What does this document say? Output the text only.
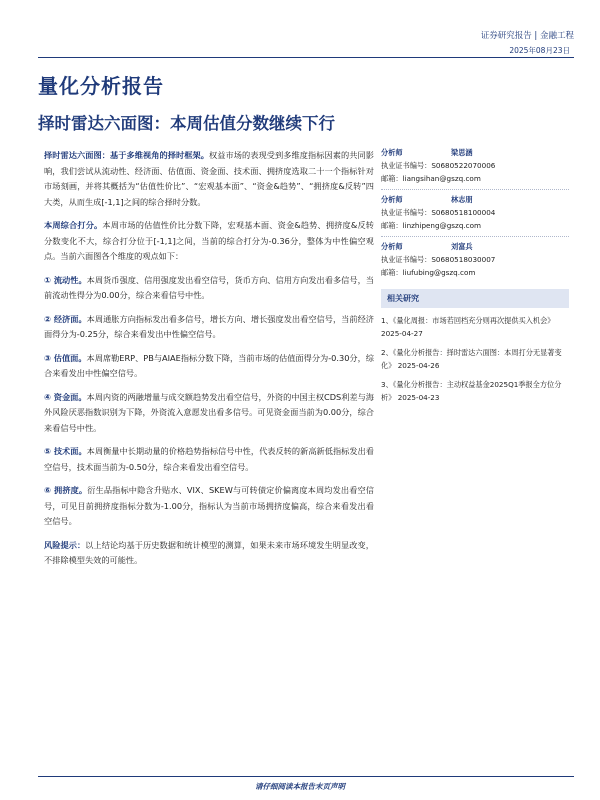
证券研究报告 | 金融工程
2025年08月23日
量化分析报告
择时雷达六面图：本周估值分数继续下行

择时雷达六面图：基于多维视角的择时框架。权益市场的表现受到多维度指标因素的共同影响，我们尝试从流动性、经济面、估值面、资金面、技术面、拥挤度选取二十一个指标针对市场刻画，并将其概括为“估值性价比”、“宏观基本面”、“资金&趋势”、“拥挤度&反转”四大类，从而生成[-1,1]之间的综合择时分数。

本周综合打分。本周市场的估值性价比分数下降，宏观基本面、资金&趋势、拥挤度&反转分数变化不大，综合打分位于[-1,1]之间，当前的综合打分为-0.36分，整体为中性偏空观点。当前六面图各个维度的观点如下：

① 流动性。本周货币强度、信用强度发出看空信号，货币方向、信用方向发出看多信号，当前流动性得分为0.00分，综合来看信号中性。

② 经济面。本周通胀方向指标发出看多信号，增长方向、增长强度发出看空信号，当前经济面得分为-0.25分，综合来看发出中性偏空信号。

③ 估值面。本周席勒ERP、PB与AIAE指标分数下降，当前市场的估值面得分为-0.30分，综合来看发出中性偏空信号。

④ 资金面。本周内资的两融增量与成交额趋势发出看空信号，外资的中国主权CDS利差与海外风险厌恶指数识别为下降，外资流入意愿发出看多信号。可见资金面当前为0.00分，综合来看信号中性。

⑤ 技术面。本周衡量中长期动量的价格趋势指标信号中性，代表反转的新高新低指标发出看空信号，技术面当前为-0.50分，综合来看发出看空信号。

⑥ 拥挤度。衍生品指标中隐含升贴水、VIX、SKEW与可转债定价偏离度本周均发出看空信号，可见目前拥挤度指标分数为-1.00分，指标认为当前市场拥挤度偏高，综合来看发出看空信号。

风险提示：以上结论均基于历史数据和统计模型的测算，如果未来市场环境发生明显改变，不排除模型失效的可能性。

分析师	梁思涵
执业证书编号： S0680522070006
邮箱： liangsihan@gszq.com
分析师	林志朋
执业证书编号： S0680518100004
邮箱： linzhipeng@gszq.com
分析师	刘富兵
执业证书编号： S0680518030007
邮箱： liufubing@gszq.com
相关研究
1、《量化周报：市场若回档充分则再次提供买入机会》
2025-04-27
2、《量化分析报告：择时雷达六面图：本周打分无显著变化》 2025-04-26
3、《量化分析报告：主动权益基金2025Q1季报全方位分析》 2025-04-23
请仔细阅读本报告末页声明
